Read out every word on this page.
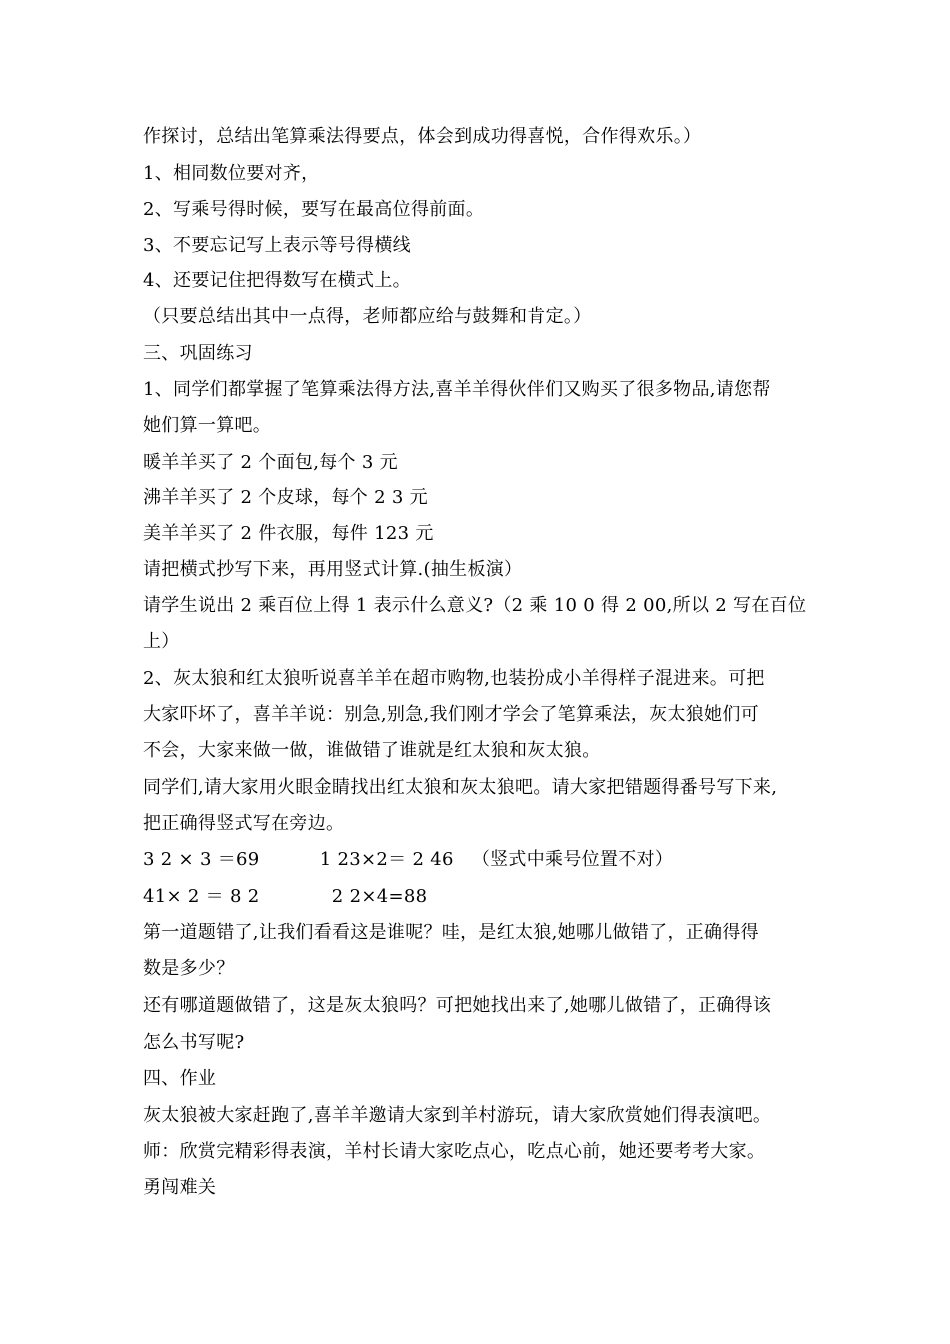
作探讨，总结出笔算乘法得要点，体会到成功得喜悦，合作得欢乐。）
1、相同数位要对齐，
2、写乘号得时候，要写在最高位得前面。
3、不要忘记写上表示等号得横线
4、还要记住把得数写在横式上。
（只要总结出其中一点得，老师都应给与鼓舞和肯定。）
三、巩固练习
1、同学们都掌握了笔算乘法得方法,喜羊羊得伙伴们又购买了很多物品,请您帮
她们算一算吧。
暖羊羊买了 2 个面包,每个 3 元
沸羊羊买了 2 个皮球，每个 2 3 元
美羊羊买了 2 件衣服，每件 123 元
请把横式抄写下来，再用竖式计算.(抽生板演）
请学生说出 2 乘百位上得 1 表示什么意义?（2 乘 10 0 得 2 00,所以 2 写在百位
上）
2、灰太狼和红太狼听说喜羊羊在超市购物,也装扮成小羊得样子混进来。可把
大家吓坏了，喜羊羊说：别急,别急,我们刚才学会了笔算乘法，灰太狼她们可
不会，大家来做一做，谁做错了谁就是红太狼和灰太狼。
同学们,请大家用火眼金睛找出红太狼和灰太狼吧。请大家把错题得番号写下来,
把正确得竖式写在旁边。
3 2 × 3 ＝69          1 23×2＝ 2 46   （竖式中乘号位置不对）
41× 2 ＝ 8 2            2 2×4=88
第一道题错了,让我们看看这是谁呢？哇，是红太狼,她哪儿做错了，正确得得
数是多少？
还有哪道题做错了，这是灰太狼吗？可把她找出来了,她哪儿做错了，正确得该
怎么书写呢?
四、作业
灰太狼被大家赶跑了,喜羊羊邀请大家到羊村游玩，请大家欣赏她们得表演吧。
师：欣赏完精彩得表演，羊村长请大家吃点心，吃点心前，她还要考考大家。
勇闯难关
